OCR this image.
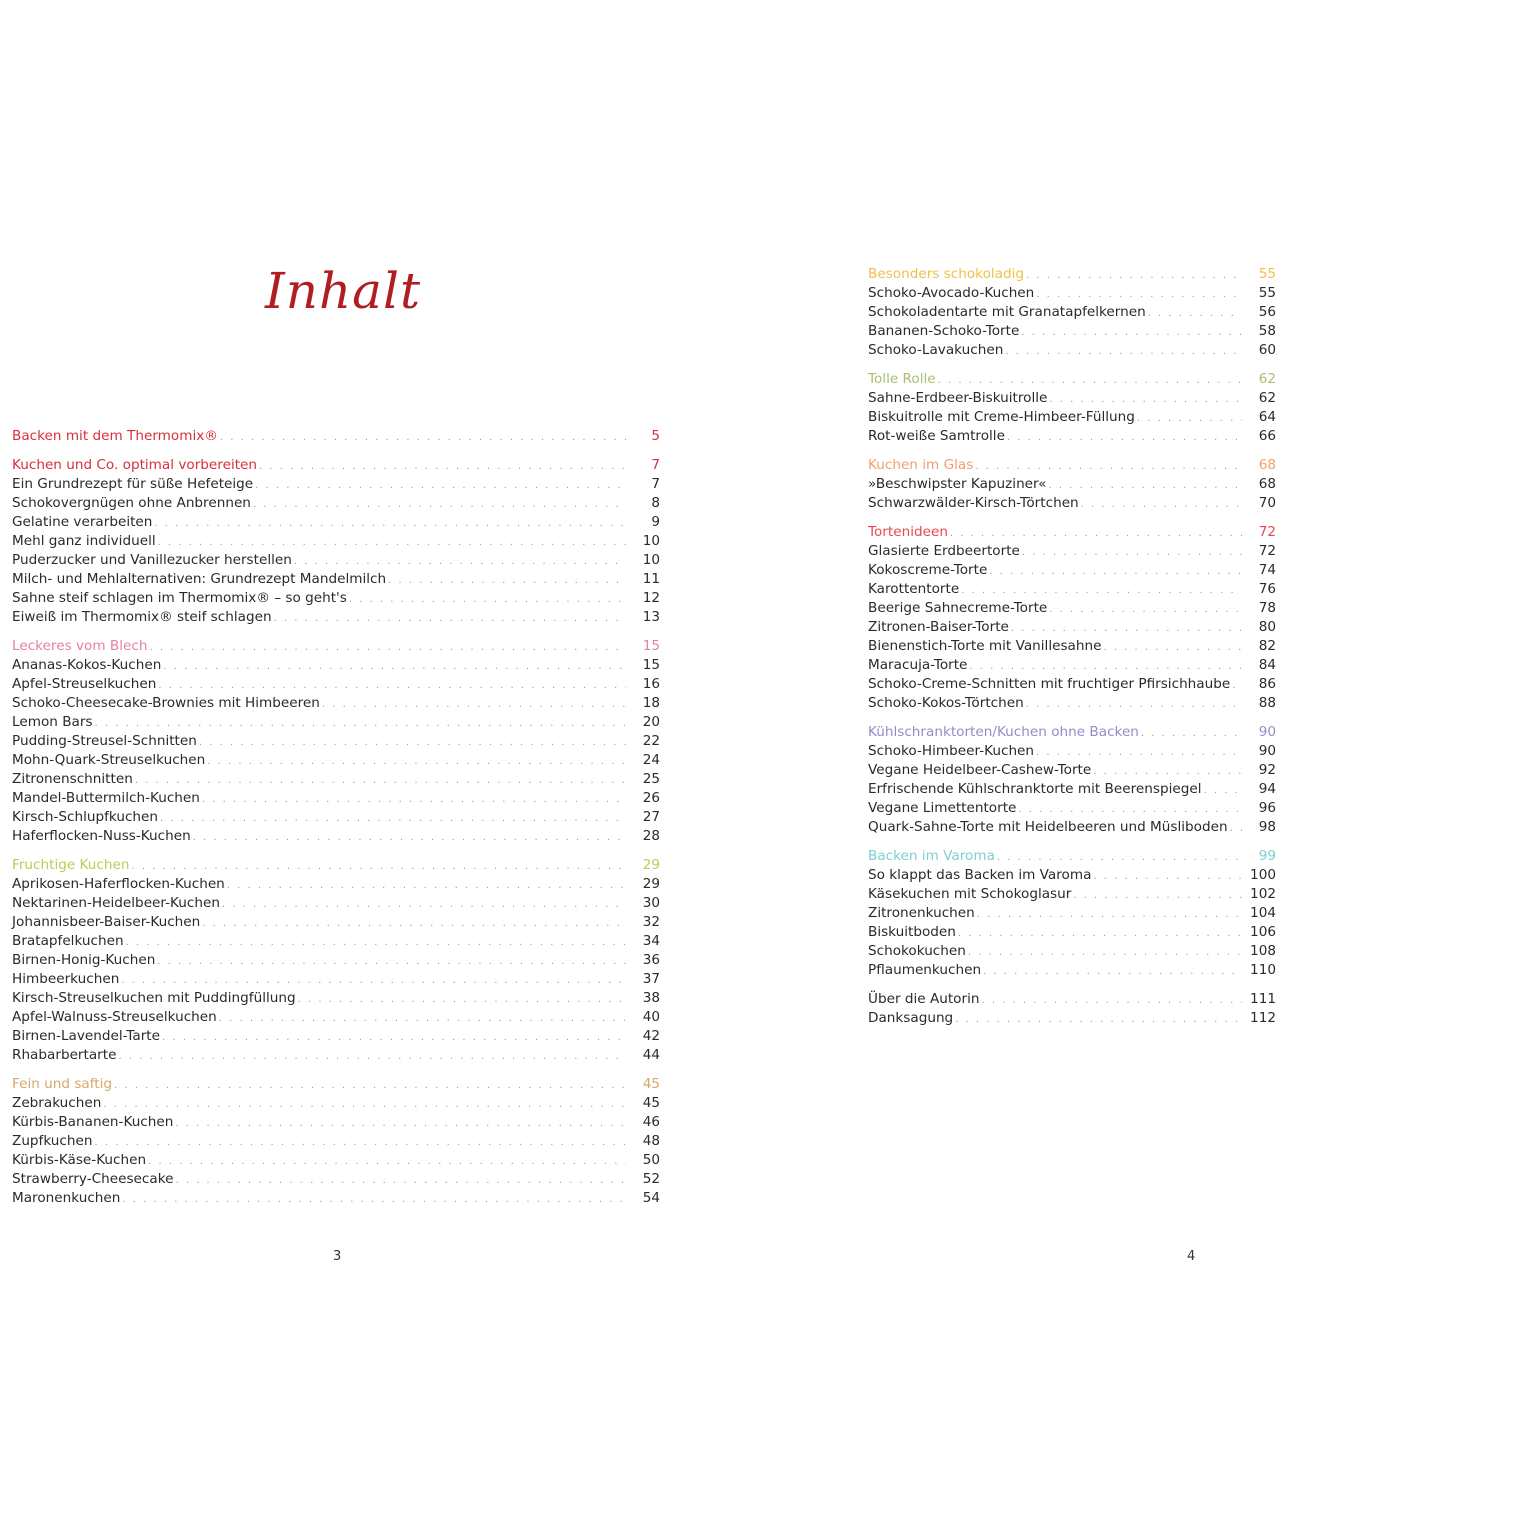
Inhalt
Backen mit dem Thermomix® . . .	5
Kuchen und Co. optimal vorbereiten . . .	7
Ein Grundrezept für süße Hefeteige . . .	7
Schokovergnügen ohne Anbrennen . . .	8
Gelatine verarbeiten . . .	9
Mehl ganz individuell . . .	10
Puderzucker und Vanillezucker herstellen . . .	10
Milch- und Mehlalternativen: Grundrezept Mandelmilch . . .	11
Sahne steif schlagen im Thermomix® – so geht's . . .	12
Eiweiß im Thermomix® steif schlagen . . .	13
Leckeres vom Blech . . .	15
Ananas-Kokos-Kuchen . . .	15
Apfel-Streuselkuchen . . .	16
Schoko-Cheesecake-Brownies mit Himbeeren . . .	18
Lemon Bars . . .	20
Pudding-Streusel-Schnitten . . .	22
Mohn-Quark-Streuselkuchen . . .	24
Zitronenschnitten . . .	25
Mandel-Buttermilch-Kuchen . . .	26
Kirsch-Schlupfkuchen . . .	27
Haferflocken-Nuss-Kuchen . . .	28
Fruchtige Kuchen . . .	29
Aprikosen-Haferflocken-Kuchen . . .	29
Nektarinen-Heidelbeer-Kuchen . . .	30
Johannisbeer-Baiser-Kuchen . . .	32
Bratapfelkuchen . . .	34
Birnen-Honig-Kuchen . . .	36
Himbeerkuchen . . .	37
Kirsch-Streuselkuchen mit Puddingfüllung . . .	38
Apfel-Walnuss-Streuselkuchen . . .	40
Birnen-Lavendel-Tarte . . .	42
Rhabarbertarte . . .	44
Fein und saftig . . .	45
Zebrakuchen . . .	45
Kürbis-Bananen-Kuchen . . .	46
Zupfkuchen . . .	48
Kürbis-Käse-Kuchen . . .	50
Strawberry-Cheesecake . . .	52
Maronenkuchen . . .	54
3
Besonders schokoladig . . .	55
Schoko-Avocado-Kuchen . . .	55
Schokoladentarte mit Granatapfelkernen . . .	56
Bananen-Schoko-Torte . . .	58
Schoko-Lavakuchen . . .	60
Tolle Rolle . . .	62
Sahne-Erdbeer-Biskuitrolle . . .	62
Biskuitrolle mit Creme-Himbeer-Füllung . . .	64
Rot-weiße Samtrolle . . .	66
Kuchen im Glas . . .	68
»Beschwipster Kapuziner« . . .	68
Schwarzwälder-Kirsch-Törtchen . . .	70
Tortenideen . . .	72
Glasierte Erdbeertorte . . .	72
Kokoscreme-Torte . . .	74
Karottentorte . . .	76
Beerige Sahnecreme-Torte . . .	78
Zitronen-Baiser-Torte . . .	80
Bienenstich-Torte mit Vanillesahne . . .	82
Maracuja-Torte . . .	84
Schoko-Creme-Schnitten mit fruchtiger Pfirsichhaube . . .	86
Schoko-Kokos-Törtchen . . .	88
Kühlschranktorten/Kuchen ohne Backen . . .	90
Schoko-Himbeer-Kuchen . . .	90
Vegane Heidelbeer-Cashew-Torte . . .	92
Erfrischende Kühlschranktorte mit Beerenspiegel . . .	94
Vegane Limettentorte . . .	96
Quark-Sahne-Torte mit Heidelbeeren und Müsliboden . . .	98
Backen im Varoma . . .	99
So klappt das Backen im Varoma . . .	100
Käsekuchen mit Schokoglasur . . .	102
Zitronenkuchen . . .	104
Biskuitboden . . .	106
Schokokuchen . . .	108
Pflaumenkuchen . . .	110
Über die Autorin . . .	111
Danksagung . . .	112
4
